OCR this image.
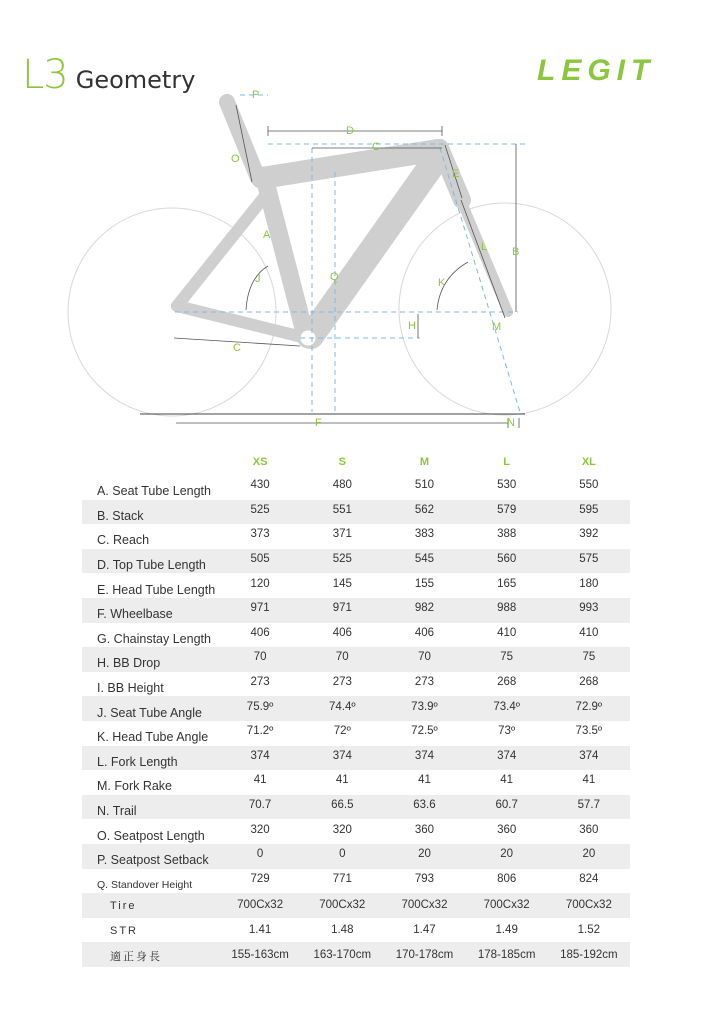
L3 Geometry	LEGIT
P
D
C
O
E
A
B
L
J	Q	K
H	M
C
F	N
XS	S	M	L	XL
A. Seat Tube Length	430	480	510	530	550
B. Stack	525	551	562	579	595
C. Reach	373	371	383	388	392
D. Top Tube Length	505	525	545	560	575
E. Head Tube Length	120	145	155	165	180
F. Wheelbase	971	971	982	988	993
G. Chainstay Length	406	406	406	410	410
H. BB Drop	70	70	70	75	75
I. BB Height	273	273	273	268	268
J. Seat Tube Angle	75.9º	74.4º	73.9º	73.4º	72.9º
K. Head Tube Angle	71.2º	72º	72.5º	73º	73.5º
L. Fork Length	374	374	374	374	374
M. Fork Rake	41	41	41	41	41
N. Trail	70.7	66.5	63.6	60.7	57.7
O. Seatpost Length	320	320	360	360	360
P. Seatpost Setback	0	0	20	20	20
Q. Standover Height	729	771	793	806	824
Tire	700Cx32	700Cx32	700Cx32	700Cx32	700Cx32
STR	1.41	1.48	1.47	1.49	1.52
適正身長	155-163cm	163-170cm	170-178cm	178-185cm	185-192cm
